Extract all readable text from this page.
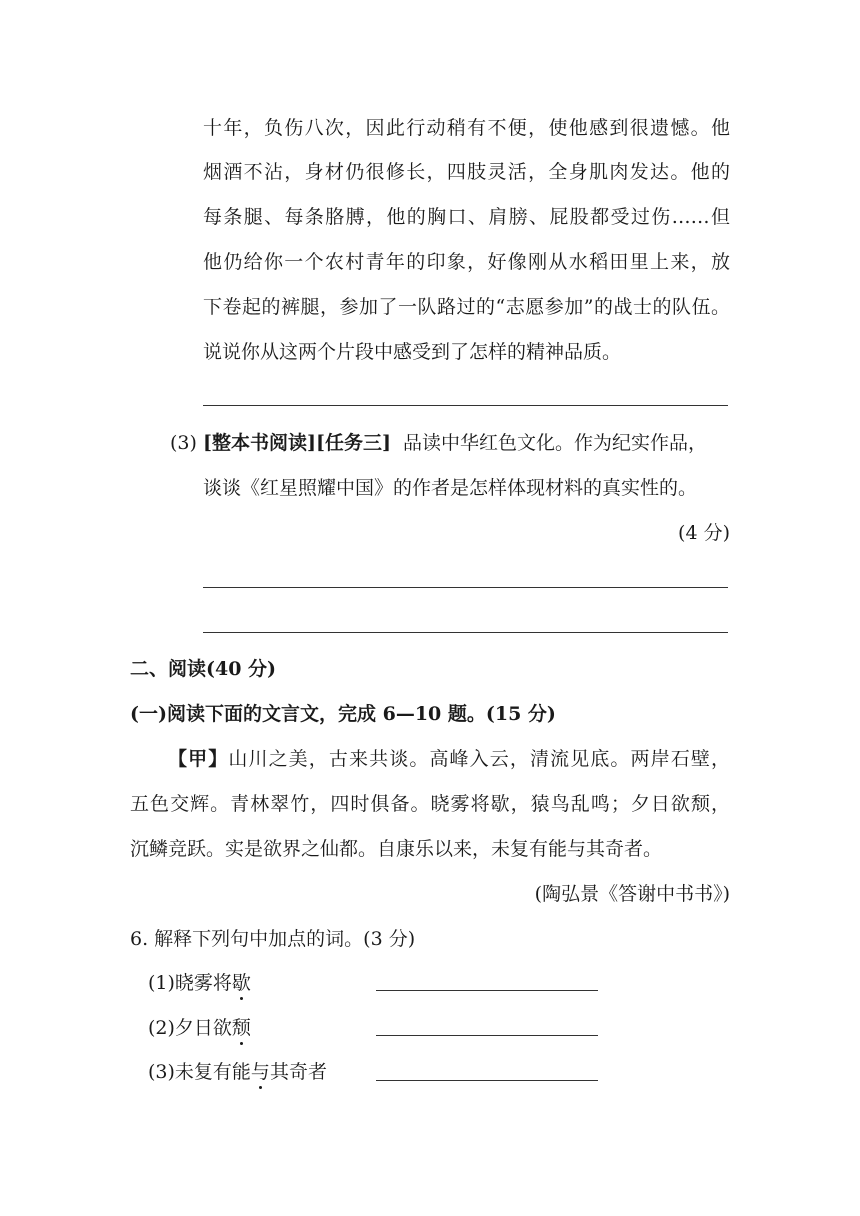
十年，负伤八次，因此行动稍有不便，使他感到很遗憾。他
烟酒不沾，身材仍很修长，四肢灵活，全身肌肉发达。他的
每条腿、每条胳膊，他的胸口、肩膀、屁股都受过伤……但
他仍给你一个农村青年的印象，好像刚从水稻田里上来，放
下卷起的裤腿，参加了一队路过的“志愿参加”的战士的队伍。
说说你从这两个片段中感受到了怎样的精神品质。
(3) [整本书阅读][任务三] 品读中华红色文化。作为纪实作品，
谈谈《红星照耀中国》的作者是怎样体现材料的真实性的。
(4 分)
二、阅读(40 分)
(一)阅读下面的文言文，完成 6—10 题。(15 分)
【甲】山川之美，古来共谈。高峰入云，清流见底。两岸石壁，
五色交辉。青林翠竹，四时俱备。晓雾将歇，猿鸟乱鸣；夕日欲颓，
沉鳞竞跃。实是欲界之仙都。自康乐以来，未复有能与其奇者。
(陶弘景《答谢中书书》)
6. 解释下列句中加点的词。(3 分)
(1)晓雾将歇
(2)夕日欲颓
(3)未复有能与其奇者
